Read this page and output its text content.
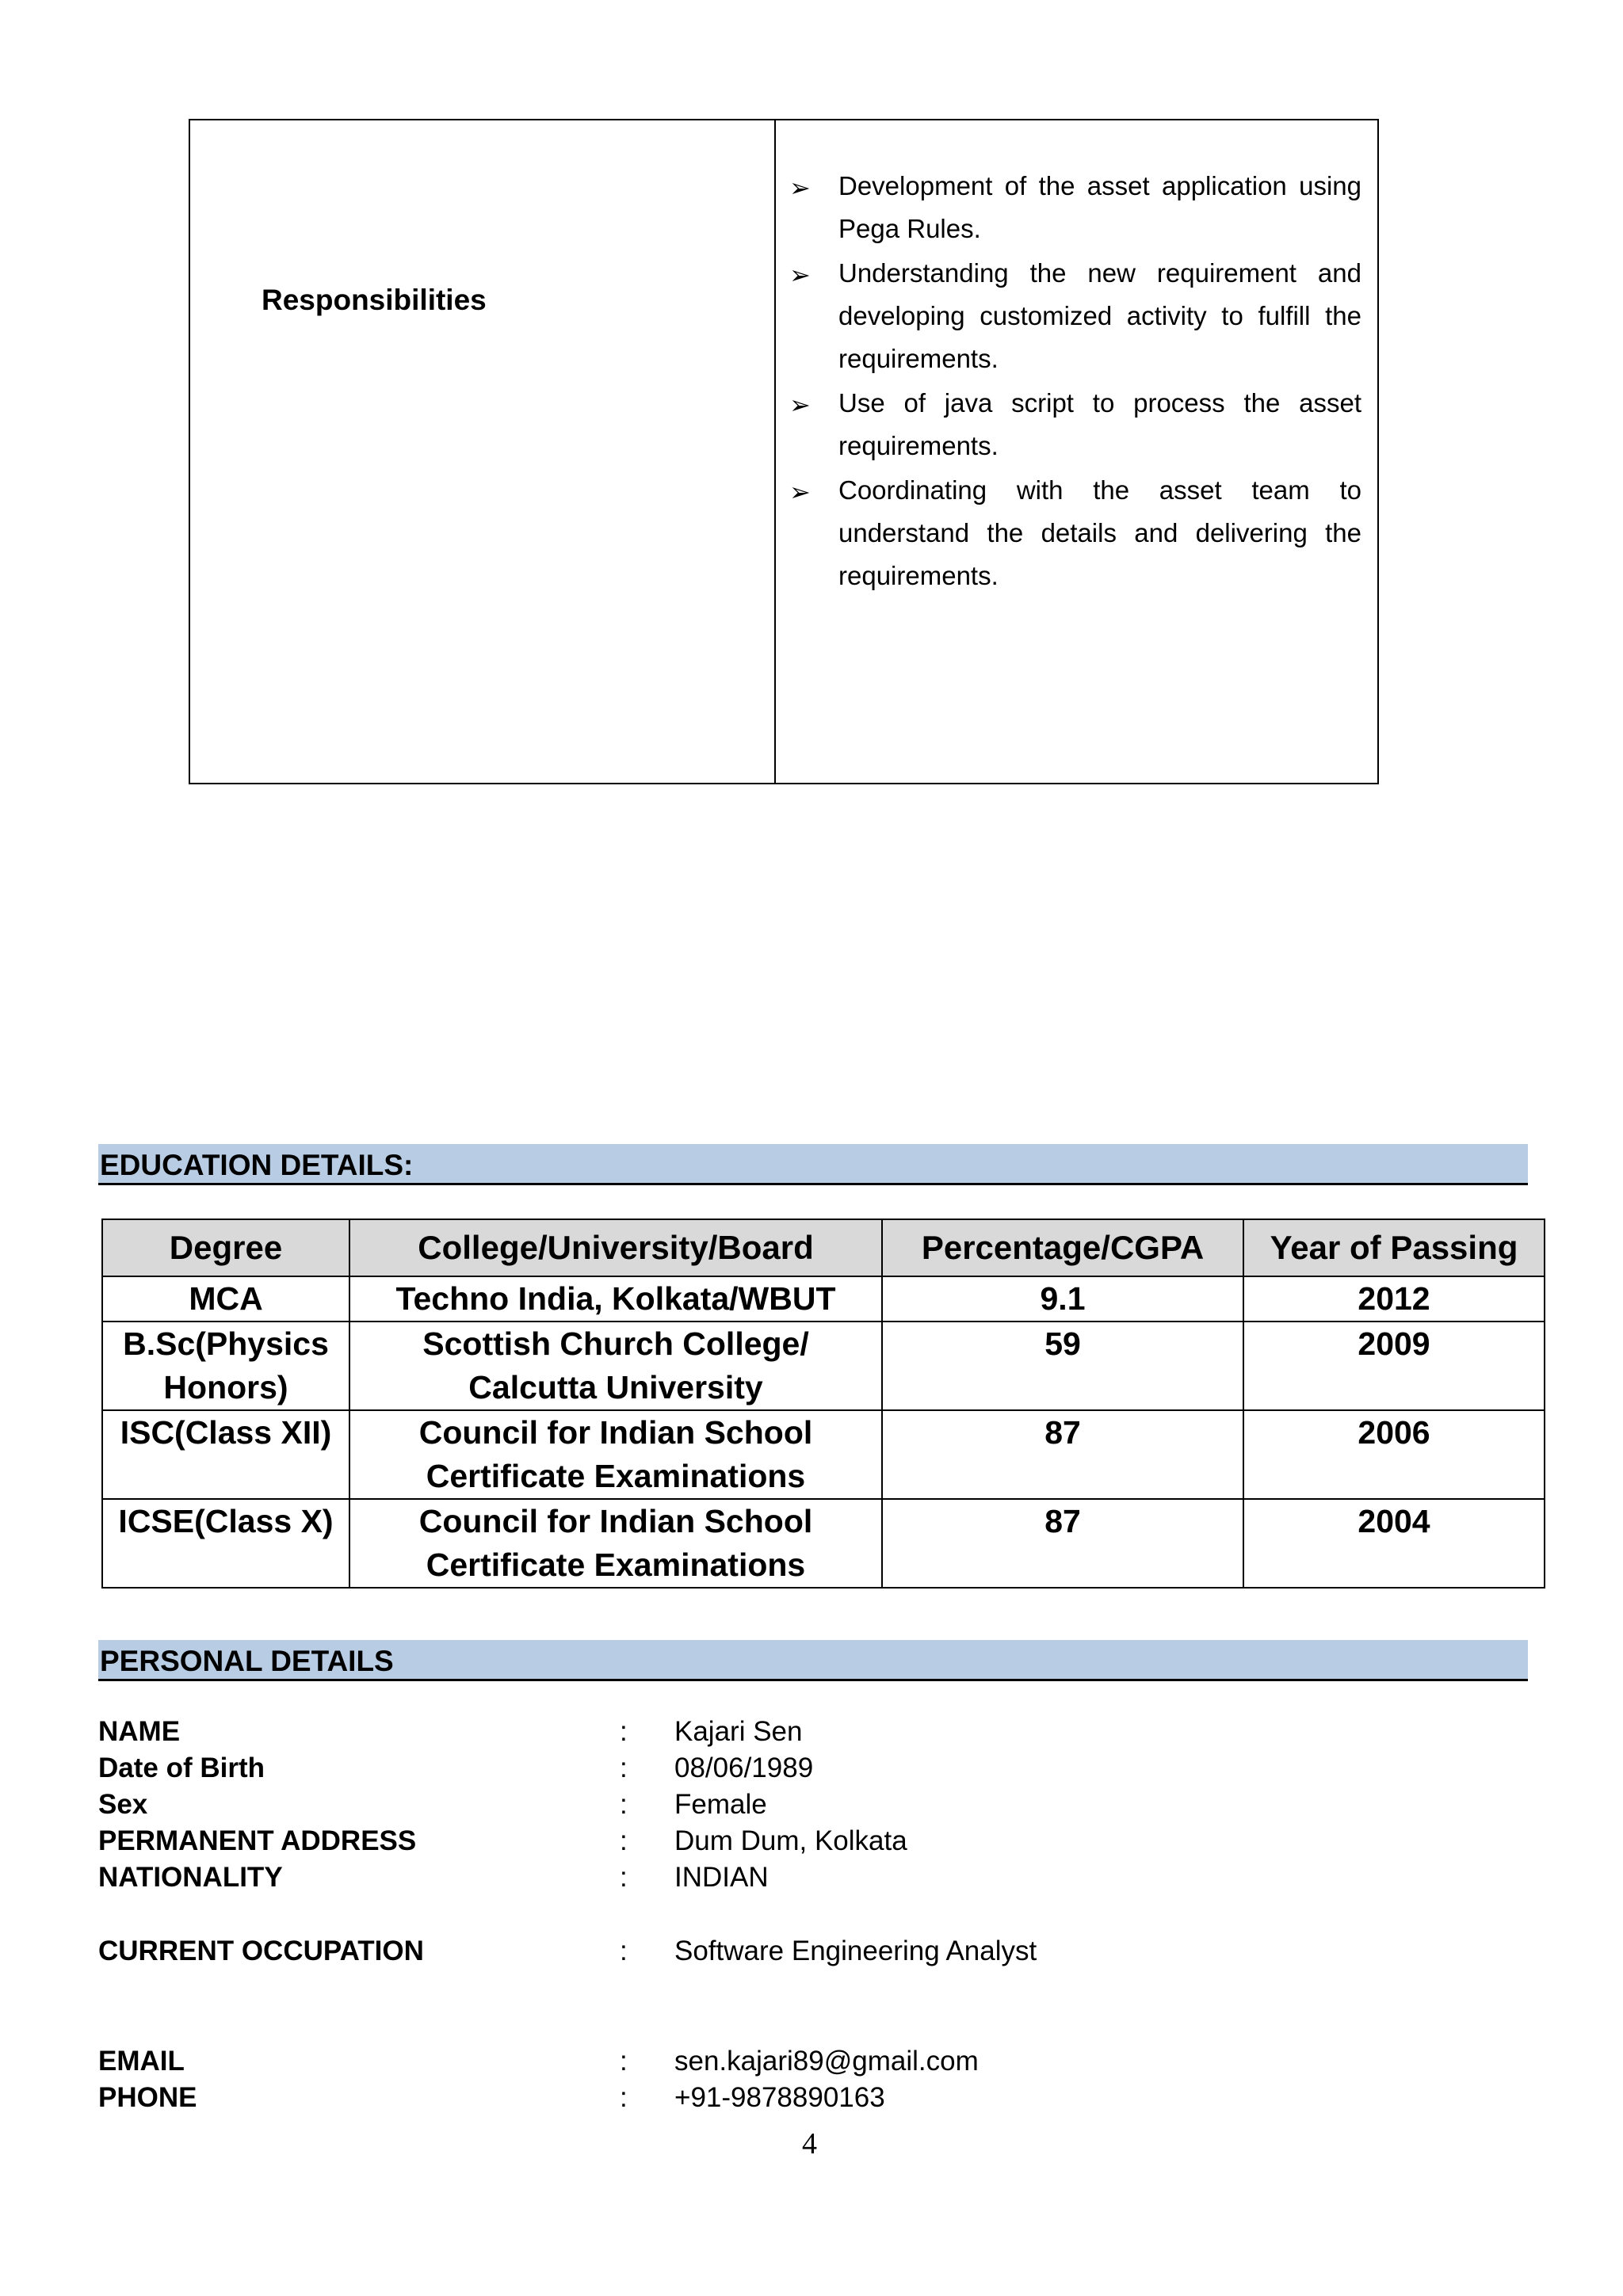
Responsibilities
➢ Development of the asset application using Pega Rules.
➢ Understanding the new requirement and developing customized activity to fulfill the requirements.
➢ Use of java script to process the asset requirements.
➢ Coordinating with the asset team to understand the details and delivering the requirements.
EDUCATION DETAILS:
Degree	College/University/Board	Percentage/CGPA	Year of Passing
MCA	Techno India, Kolkata/WBUT	9.1	2012
B.Sc(Physics Honors)	Scottish Church College/ Calcutta University	59	2009
ISC(Class XII)	Council for Indian School Certificate Examinations	87	2006
ICSE(Class X)	Council for Indian School Certificate Examinations	87	2004
PERSONAL DETAILS
NAME	: Kajari Sen
Date of Birth	: 08/06/1989
Sex	: Female
PERMANENT ADDRESS	: Dum Dum, Kolkata
NATIONALITY	: INDIAN
CURRENT OCCUPATION	: Software Engineering Analyst
EMAIL	: sen.kajari89@gmail.com
PHONE	: +91-9878890163
4
